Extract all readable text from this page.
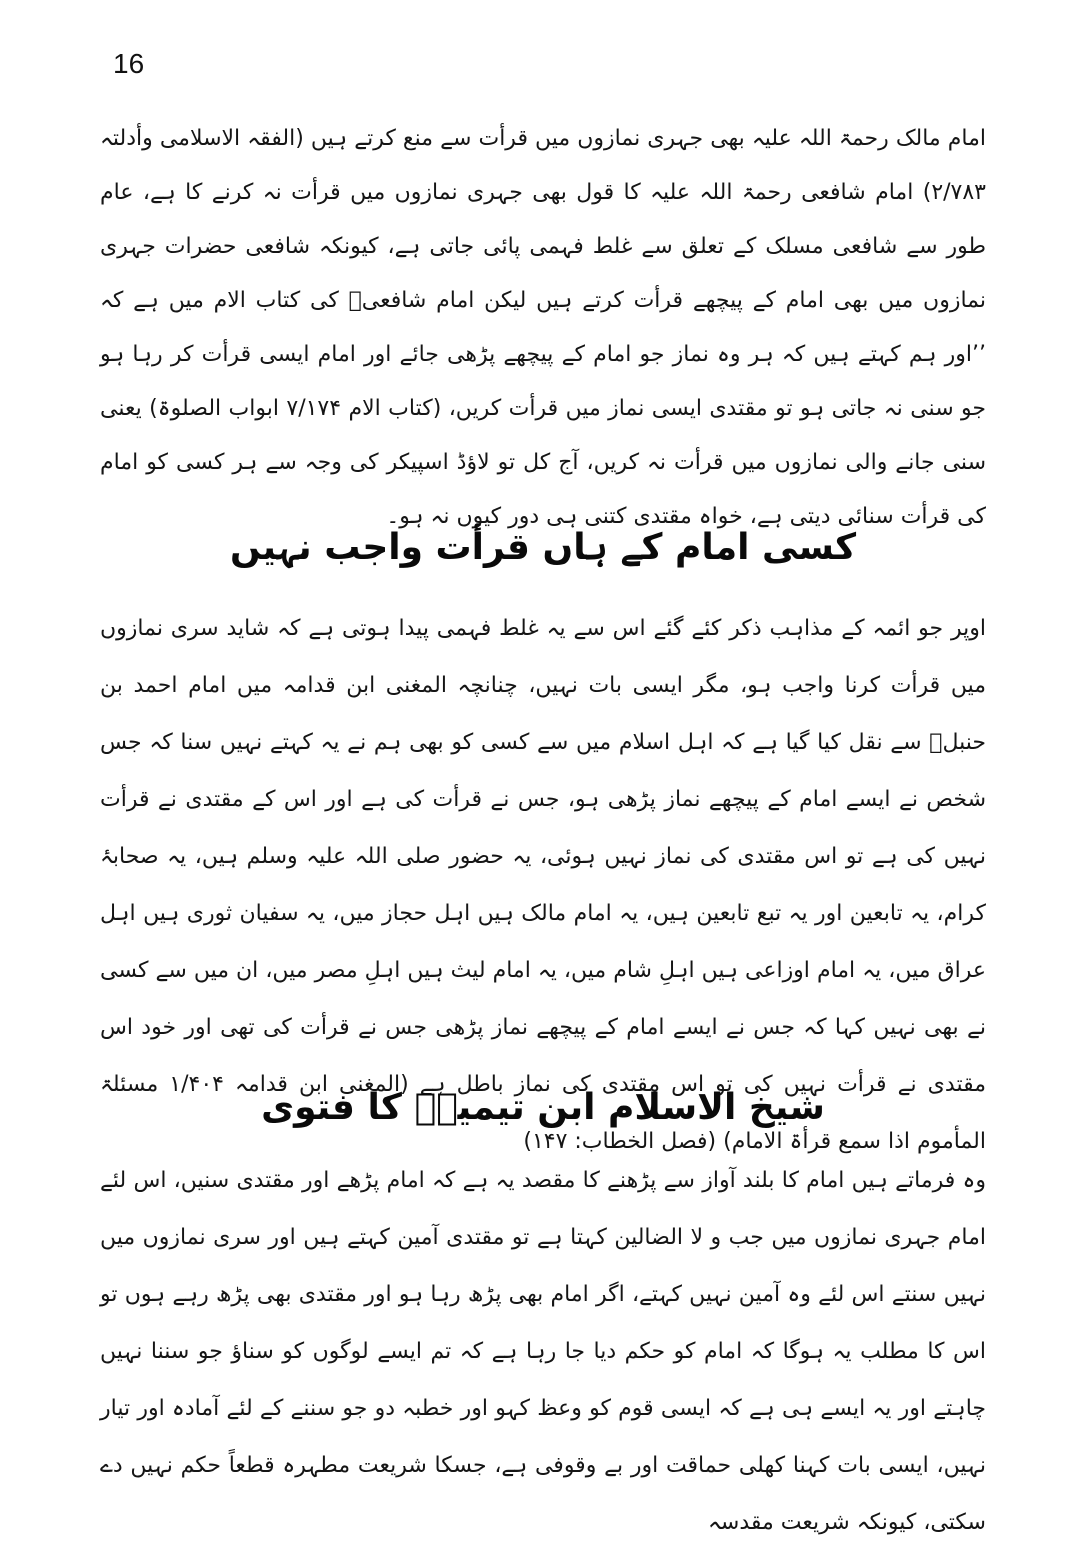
16

امام مالک رحمۃ اللہ علیہ بھی جہری نمازوں میں قرأت سے منع کرتے ہیں (الفقہ الاسلامی وأدلتہ ۲/۷۸۳) امام شافعی رحمۃ اللہ علیہ کا قول بھی جہری نمازوں میں قرأت نہ کرنے کا ہے، عام طور سے شافعی مسلک کے تعلق سے غلط فہمی پائی جاتی ہے، کیونکہ شافعی حضرات جہری نمازوں میں بھی امام کے پیچھے قرأت کرتے ہیں لیکن امام شافعیؒ کی کتاب الام میں ہے کہ ’’اور ہم کہتے ہیں کہ ہر وہ نماز جو امام کے پیچھے پڑھی جائے اور امام ایسی قرأت کر رہا ہو جو سنی نہ جاتی ہو تو مقتدی ایسی نماز میں قرأت کریں، (کتاب الام ۷/۱۷۴ ابواب الصلوۃ) یعنی سنی جانے والی نمازوں میں قرأت نہ کریں، آج کل تو لاؤڈ اسپیکر کی وجہ سے ہر کسی کو امام کی قرأت سنائی دیتی ہے، خواہ مقتدی کتنی ہی دور کیوں نہ ہو۔

کسی امام کے ہاں قرأت واجب نہیں

اوپر جو ائمہ کے مذاہب ذکر کئے گئے اس سے یہ غلط فہمی پیدا ہوتی ہے کہ شاید سری نمازوں میں قرأت کرنا واجب ہو، مگر ایسی بات نہیں، چنانچہ المغنی ابن قدامہ میں امام احمد بن حنبلؒ سے نقل کیا گیا ہے کہ اہل اسلام میں سے کسی کو بھی ہم نے یہ کہتے نہیں سنا کہ جس شخص نے ایسے امام کے پیچھے نماز پڑھی ہو، جس نے قرأت کی ہے اور اس کے مقتدی نے قرأت نہیں کی ہے تو اس مقتدی کی نماز نہیں ہوئی، یہ حضور صلی اللہ علیہ وسلم ہیں، یہ صحابۂ کرام، یہ تابعین اور یہ تبع تابعین ہیں، یہ امام مالک ہیں اہل حجاز میں، یہ سفیان ثوری ہیں اہل عراق میں، یہ امام اوزاعی ہیں اہلِ شام میں، یہ امام لیث ہیں اہلِ مصر میں، ان میں سے کسی نے بھی نہیں کہا کہ جس نے ایسے امام کے پیچھے نماز پڑھی جس نے قرأت کی تھی اور خود اس مقتدی نے قرأت نہیں کی تو اس مقتدی کی نماز باطل ہے (المغنی ابن قدامہ ۱/۴۰۴ مسئلۃ المأموم اذا سمع قرأۃ الامام) (فصل الخطاب: ۱۴۷)

شیخ الاسلام ابن تیمیہؒ کا فتوی

وہ فرماتے ہیں امام کا بلند آواز سے پڑھنے کا مقصد یہ ہے کہ امام پڑھے اور مقتدی سنیں، اس لئے امام جہری نمازوں میں جب و لا الضالین کہتا ہے تو مقتدی آمین کہتے ہیں اور سری نمازوں میں نہیں سنتے اس لئے وہ آمین نہیں کہتے، اگر امام بھی پڑھ رہا ہو اور مقتدی بھی پڑھ رہے ہوں تو اس کا مطلب یہ ہوگا کہ امام کو حکم دیا جا رہا ہے کہ تم ایسے لوگوں کو سناؤ جو سننا نہیں چاہتے اور یہ ایسے ہی ہے کہ ایسی قوم کو وعظ کہو اور خطبہ دو جو سننے کے لئے آمادہ اور تیار نہیں، ایسی بات کہنا کھلی حماقت اور بے وقوفی ہے، جسکا شریعت مطہرہ قطعاً حکم نہیں دے سکتی، کیونکہ شریعت مقدسہ
